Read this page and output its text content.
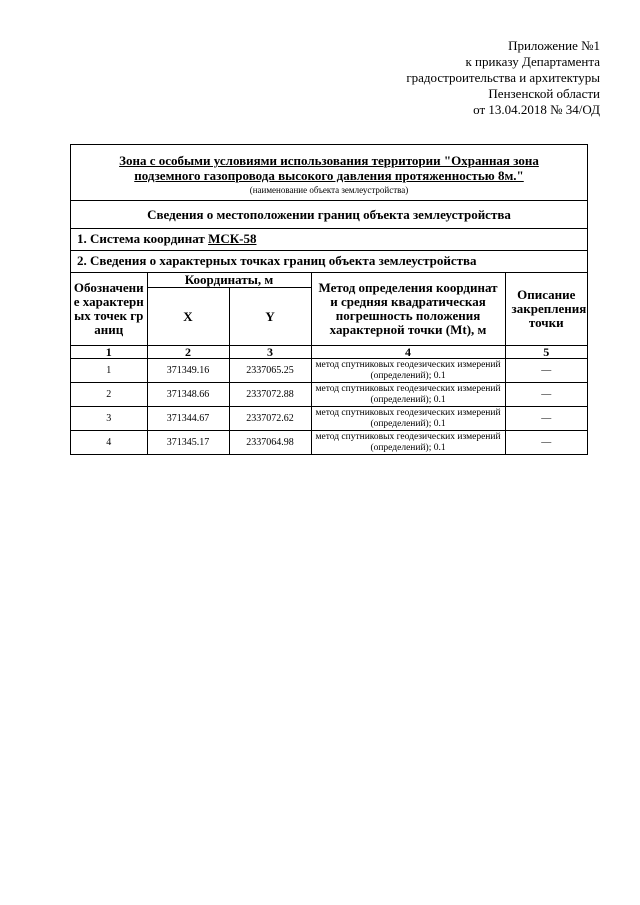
Приложение №1
к приказу Департамента
градостроительства и архитектуры
Пензенской области
от 13.04.2018 № 34/ОД
Зона с особыми условиями использования территории "Охранная зона
подземного газопровода высокого давления протяженностью 8м."
(наименование объекта землеустройства)
Сведения о местоположении границ объекта землеустройства
1. Система координат МСК-58
2. Сведения о характерных точках границ объекта землеустройства
Обозначение характерных точек границ	Координаты, м		Метод определения координат и средняя квадратическая погрешность положения характерной точки (Mt), м	Описание закрепления точки
	X	Y		
1	2	3	4	5
1	371349.16	2337065.25	метод спутниковых геодезических измерений (определений); 0.1	—
2	371348.66	2337072.88	метод спутниковых геодезических измерений (определений); 0.1	—
3	371344.67	2337072.62	метод спутниковых геодезических измерений (определений); 0.1	—
4	371345.17	2337064.98	метод спутниковых геодезических измерений (определений); 0.1	—
